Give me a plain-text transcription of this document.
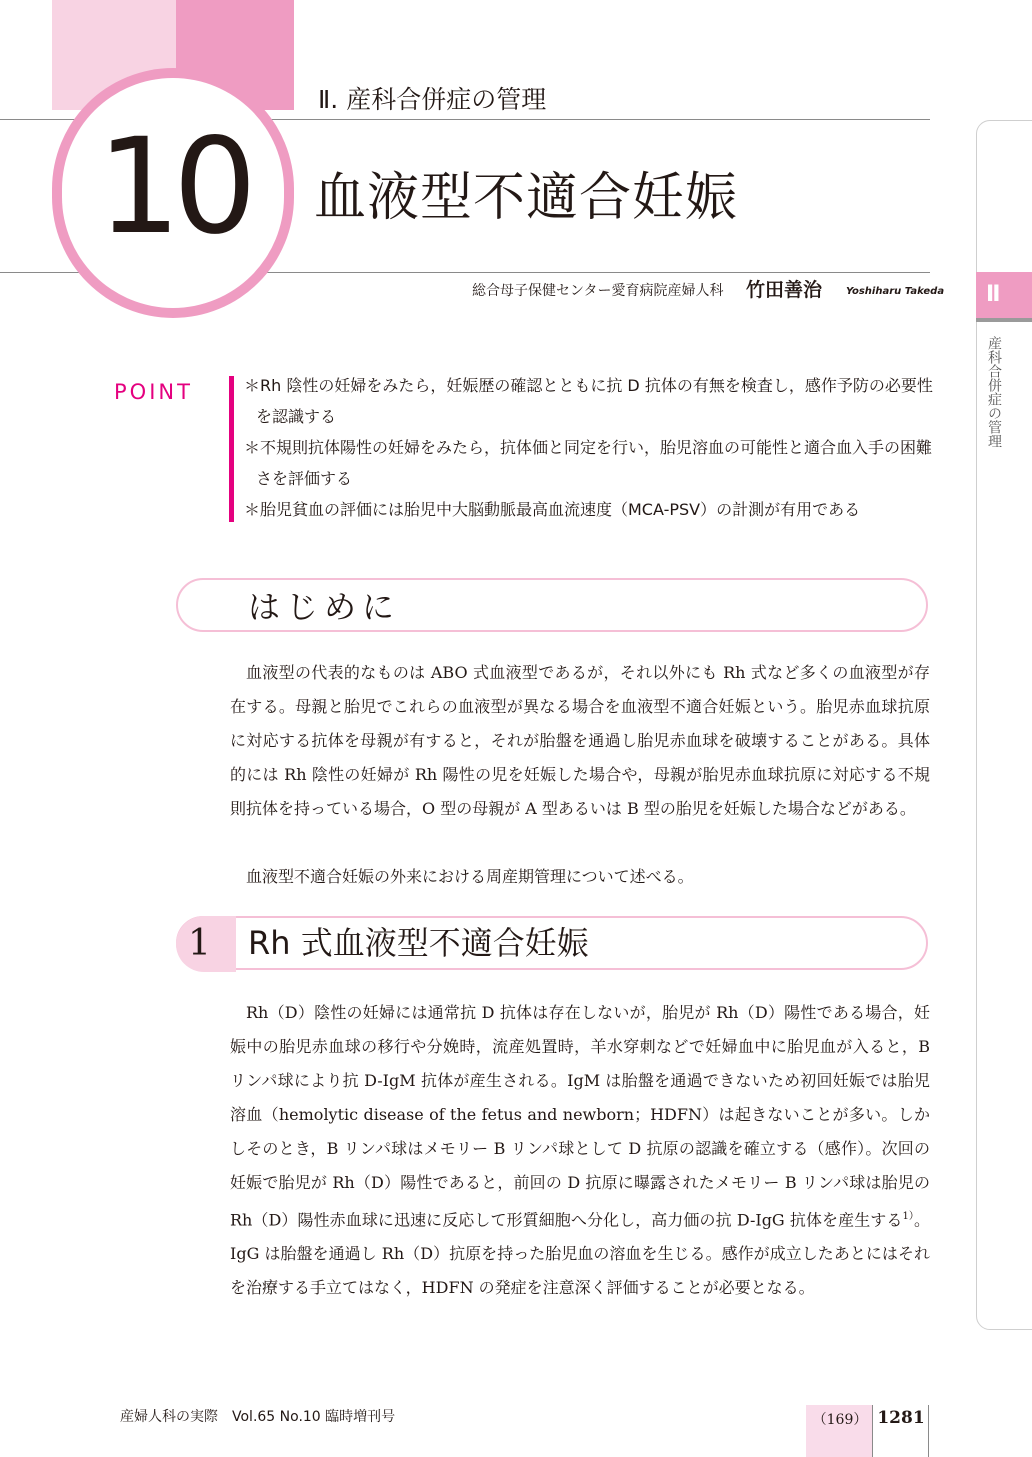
10
Ⅱ. 産科合併症の管理
血液型不適合妊娠
総合母子保健センター愛育病院産婦人科 竹田善治 Yoshiharu Takeda	Ⅱ
産科合併症の管理
POINT	＊Rh 陰性の妊婦をみたら，妊娠歴の確認とともに抗 D 抗体の有無を検査し，感作予防の必要性を認識する
＊不規則抗体陽性の妊婦をみたら，抗体価と同定を行い，胎児溶血の可能性と適合血入手の困難さを評価する
＊胎児貧血の評価には胎児中大脳動脈最高血流速度（MCA-PSV）の計測が有用である
はじめに

血液型の代表的なものは ABO 式血液型であるが，それ以外にも Rh 式など多くの血液型が存在する。母親と胎児でこれらの血液型が異なる場合を血液型不適合妊娠という。胎児赤血球抗原に対応する抗体を母親が有すると，それが胎盤を通過し胎児赤血球を破壊することがある。具体的には Rh 陰性の妊婦が Rh 陽性の児を妊娠した場合や，母親が胎児赤血球抗原に対応する不規則抗体を持っている場合，O 型の母親が A 型あるいは B 型の胎児を妊娠した場合などがある。

血液型不適合妊娠の外来における周産期管理について述べる。

1 Rh 式血液型不適合妊娠

Rh（D）陰性の妊婦には通常抗 D 抗体は存在しないが，胎児が Rh（D）陽性である場合，妊娠中の胎児赤血球の移行や分娩時，流産処置時，羊水穿刺などで妊婦血中に胎児血が入ると，B リンパ球により抗 D-IgM 抗体が産生される。IgM は胎盤を通過できないため初回妊娠では胎児溶血（hemolytic disease of the fetus and newborn；HDFN）は起きないことが多い。しかしそのとき，B リンパ球はメモリー B リンパ球として D 抗原の認識を確立する（感作）。次回の妊娠で胎児が Rh（D）陽性であると，前回の D 抗原に曝露されたメモリー B リンパ球は胎児の Rh（D）陽性赤血球に迅速に反応して形質細胞へ分化し，高力価の抗 D-IgG 抗体を産生する$^{1)}$。IgG は胎盤を通過し Rh（D）抗原を持った胎児血の溶血を生じる。感作が成立したあとにはそれを治療する手立てはなく，HDFN の発症を注意深く評価することが必要となる。

産婦人科の実際　Vol.65 No.10 臨時増刊号	（169） 1281
